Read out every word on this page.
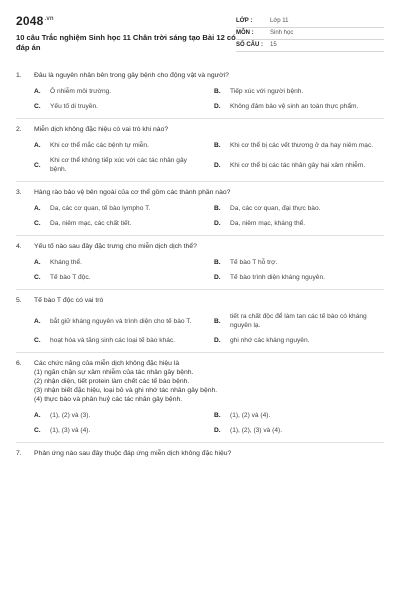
$2048^{.vn}$
10 câu Trắc nghiệm Sinh học 11 Chân trời sáng tạo Bài 12 có đáp án
LỚP :	Lớp 11
MÔN :	Sinh học
SỐ CÂU :	15
1.	Đâu là nguyên nhân bên trong gây bệnh cho động vật và người?
A.	Ô nhiễm môi trường.	B.	Tiếp xúc với người bệnh.
C.	Yếu tố di truyền.	D.	Không đảm bảo vệ sinh an toàn thực phẩm.
2.	Miễn dịch không đặc hiệu có vai trò khi nào?
A.	Khi cơ thể mắc các bệnh tự miễn.	B.	Khi cơ thể bị các vết thương ở da hay niêm mạc.
C.
Khi cơ thể không tiếp xúc với các tác nhân gây bệnh.
D.	Khi cơ thể bị các tác nhân gây hại xâm nhiễm.
3.	Hàng rào bảo vệ bên ngoài của cơ thể gồm các thành phần nào?
A.	Da, các cơ quan, tế bào lympho T.	B.	Da, các cơ quan, đại thực bào.
C.	Da, niêm mạc, các chất tiết.	D.	Da, niêm mạc, kháng thể.
4.	Yếu tố nào sau đây đặc trưng cho miễn dịch dịch thể?
A.	Kháng thể.	B.	Tế bào T hỗ trợ.
C.	Tế bào T độc.	D.	Tế bào trình diện kháng nguyên.
5.	Tế bào T độc có vai trò
A.	bắt giữ kháng nguyên và trình diện cho tế bào T.	B.
tiết ra chất độc để làm tan các tế bào có kháng nguyên lạ.
C.	hoạt hóa và tăng sinh các loại tế bào khác.	D.	ghi nhớ các kháng nguyên.
6.	Các chức năng của miễn dịch không đặc hiệu là
(1) ngăn chặn sự xâm nhiễm của tác nhân gây bệnh.
(2) nhận diện, tiết protein làm chết các tế bào bệnh.
(3) nhận biết đặc hiệu, loại bỏ và ghi nhớ tác nhân gây bệnh.
(4) thực bào và phân huỷ các tác nhân gây bệnh.
A.	(1), (2) và (3).	B.	(1), (2) và (4).
C.	(1), (3) và (4).	D.	(1), (2), (3) và (4).
7.	Phản ứng nào sau đây thuộc đáp ứng miễn dịch không đặc hiệu?
